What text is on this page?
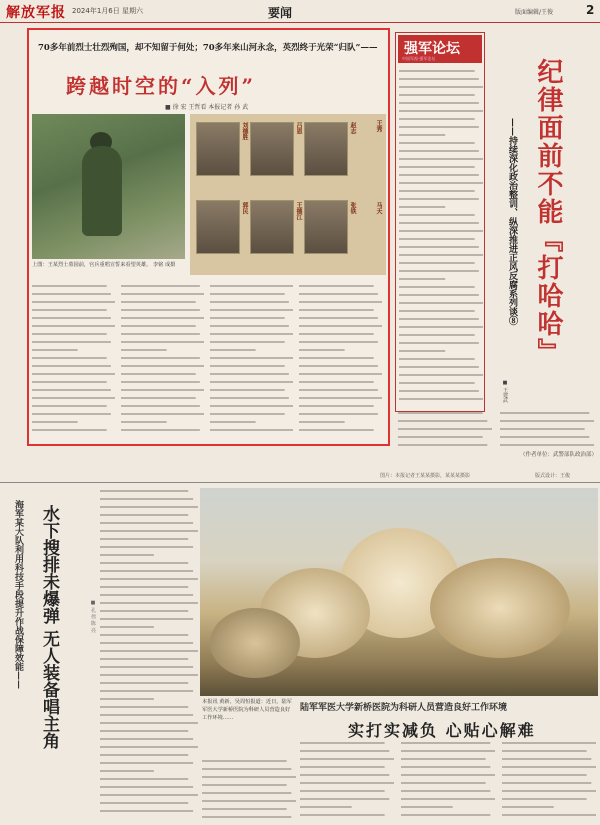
解放军报 2024年1月6日 星期六	要闻	版面编辑/王俊	2
70多年前烈士壮烈殉国，却不知留于何处；70多年来山河永念，英烈终于光荣“归队”——
跨越时空的“入列”
■ 徐 宏 王哲看 本报记者 孙 武
上图：王某烈士墓园前，官兵重唱宣誓来看望英雄。 李铭 成摄
刘德胜	吕恩	赵志	王秀
郭民	王德江	张铁	马天
强军论坛
中国军视·强军论坛	纪律面前不能『打哈哈』
——持续深化政治整训、纵深推进正风反腐系列谈⑧
■ 王建武
（作者单位：武警部队政治部）
图片：本报记者王某某摄影，某某某摄影	版式设计：王俊
海军某大队利用科技手段提升作战保障效能—— 水下搜排未爆弹 无人装备唱主角	■ 孔 伟 陈 亮
本报讯 黄新、吴周恒报道：近日，陆军军医大学新桥医院为科研人员营造良好工作环境……
陆军军医大学新桥医院为科研人员营造良好工作环境
实打实减负 心贴心解难
